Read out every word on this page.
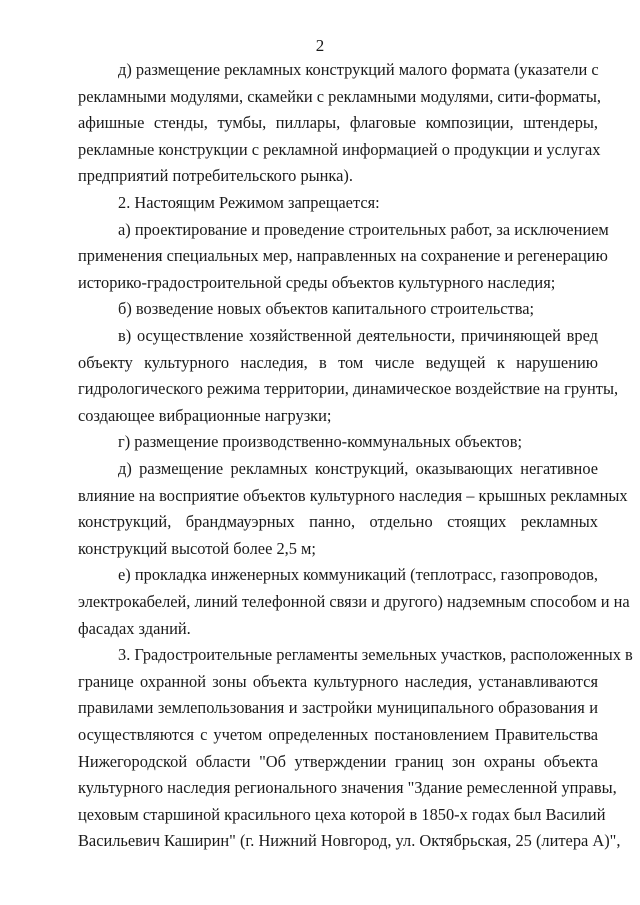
2
д) размещение рекламных конструкций малого формата (указатели с
рекламными модулями, скамейки с рекламными модулями, сити-форматы,
афишные стенды, тумбы, пиллары, флаговые композиции, штендеры,
рекламные конструкции с рекламной информацией о продукции и услугах
предприятий потребительского рынка).
2. Настоящим Режимом запрещается:
а) проектирование и проведение строительных работ, за исключением
применения специальных мер, направленных на сохранение и регенерацию
историко-градостроительной среды объектов культурного наследия;
б) возведение новых объектов капитального строительства;
в) осуществление хозяйственной деятельности, причиняющей вред
объекту культурного наследия, в том числе ведущей к нарушению
гидрологического режима территории, динамическое воздействие на грунты,
создающее вибрационные нагрузки;
г) размещение производственно-коммунальных объектов;
д) размещение рекламных конструкций, оказывающих негативное
влияние на восприятие объектов культурного наследия – крышных рекламных
конструкций, брандмауэрных панно, отдельно стоящих рекламных
конструкций высотой более 2,5 м;
е) прокладка инженерных коммуникаций (теплотрасс, газопроводов,
электрокабелей, линий телефонной связи и другого) надземным способом и на
фасадах зданий.
3. Градостроительные регламенты земельных участков, расположенных в
границе охранной зоны объекта культурного наследия, устанавливаются
правилами землепользования и застройки муниципального образования и
осуществляются с учетом определенных постановлением Правительства
Нижегородской области "Об утверждении границ зон охраны объекта
культурного наследия регионального значения "Здание ремесленной управы,
цеховым старшиной красильного цеха которой в 1850-х годах был Василий
Васильевич Каширин" (г. Нижний Новгород, ул. Октябрьская, 25 (литера А)",
